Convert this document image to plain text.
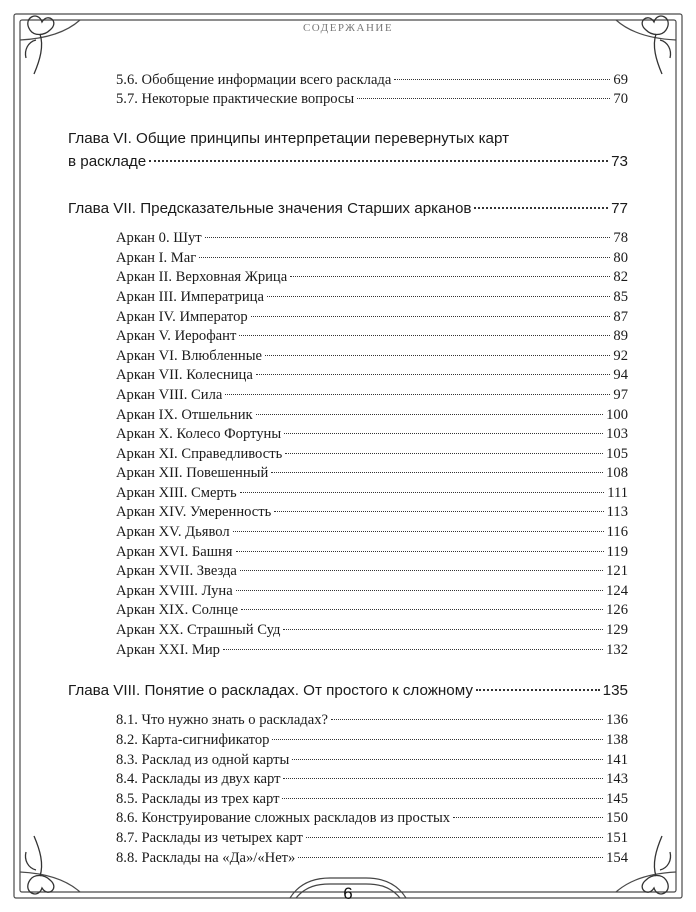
СОДЕРЖАНИЕ
5.6. Обобщение информации всего расклада	69
5.7. Некоторые практические вопросы	70
Глава VI. Общие принципы интерпретации перевернутых карт
в раскладе	73
Глава VII. Предсказательные значения Старших арканов	77
Аркан 0. Шут	78
Аркан I. Маг	80
Аркан II. Верховная Жрица	82
Аркан III. Императрица	85
Аркан IV. Император	87
Аркан V. Иерофант	89
Аркан VI. Влюбленные	92
Аркан VII. Колесница	94
Аркан VIII. Сила	97
Аркан IX. Отшельник	100
Аркан X. Колесо Фортуны	103
Аркан XI. Справедливость	105
Аркан XII. Повешенный	108
Аркан XIII. Смерть	111
Аркан XIV. Умеренность	113
Аркан XV. Дьявол	116
Аркан XVI. Башня	119
Аркан XVII. Звезда	121
Аркан XVIII. Луна	124
Аркан XIX. Солнце	126
Аркан XX. Страшный Суд	129
Аркан XXI. Мир	132
Глава VIII. Понятие о раскладах. От простого к сложному	135
8.1. Что нужно знать о раскладах?	136
8.2. Карта-сигнификатор	138
8.3. Расклад из одной карты	141
8.4. Расклады из двух карт	143
8.5. Расклады из трех карт	145
8.6. Конструирование сложных раскладов из простых	150
8.7. Расклады из четырех карт	151
8.8. Расклады на «Да»/«Нет»	154
6
